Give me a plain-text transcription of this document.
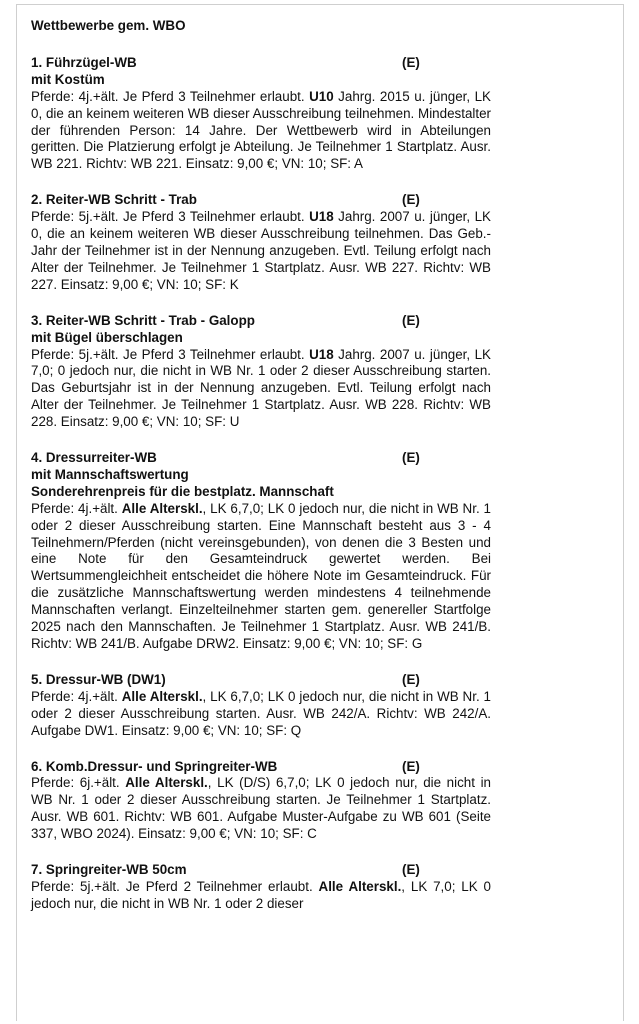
Wettbewerbe gem. WBO
1. Führzügel-WB	(E)
mit Kostüm

Pferde: 4j.+ält. Je Pferd 3 Teilnehmer erlaubt. U10 Jahrg. 2015 u. jünger, LK 0, die an keinem weiteren WB dieser Ausschreibung teilnehmen. Mindestalter der führenden Person: 14 Jahre. Der Wettbewerb wird in Abteilungen geritten. Die Platzierung erfolgt je Abteilung. Je Teilnehmer 1 Startplatz. Ausr. WB 221. Richtv: WB 221. Einsatz: 9,00 €; VN: 10; SF: A

2. Reiter-WB Schritt - Trab	(E)

Pferde: 5j.+ält. Je Pferd 3 Teilnehmer erlaubt. U18 Jahrg. 2007 u. jünger, LK 0, die an keinem weiteren WB dieser Ausschreibung teilnehmen. Das Geb.-Jahr der Teilnehmer ist in der Nennung anzugeben. Evtl. Teilung erfolgt nach Alter der Teilnehmer. Je Teilnehmer 1 Startplatz. Ausr. WB 227. Richtv: WB 227. Einsatz: 9,00 €; VN: 10; SF: K

3. Reiter-WB Schritt - Trab - Galopp	(E)
mit Bügel überschlagen

Pferde: 5j.+ält. Je Pferd 3 Teilnehmer erlaubt. U18 Jahrg. 2007 u. jünger, LK 7,0; 0 jedoch nur, die nicht in WB Nr. 1 oder 2 dieser Ausschreibung starten. Das Geburtsjahr ist in der Nennung anzugeben. Evtl. Teilung erfolgt nach Alter der Teilnehmer. Je Teilnehmer 1 Startplatz. Ausr. WB 228. Richtv: WB 228. Einsatz: 9,00 €; VN: 10; SF: U

4. Dressurreiter-WB	(E)
mit Mannschaftswertung
Sonderehrenpreis für die bestplatz. Mannschaft

Pferde: 4j.+ält. Alle Alterskl., LK 6,7,0; LK 0 jedoch nur, die nicht in WB Nr. 1 oder 2 dieser Ausschreibung starten. Eine Mannschaft besteht aus 3 - 4 Teilnehmern/Pferden (nicht vereinsgebunden), von denen die 3 Besten und eine Note für den Gesamteindruck gewertet werden. Bei Wertsummengleichheit entscheidet die höhere Note im Gesamteindruck. Für die zusätzliche Mannschaftswertung werden mindestens 4 teilnehmende Mannschaften verlangt. Einzelteilnehmer starten gem. genereller Startfolge 2025 nach den Mannschaften. Je Teilnehmer 1 Startplatz. Ausr. WB 241/B. Richtv: WB 241/B. Aufgabe DRW2. Einsatz: 9,00 €; VN: 10; SF: G

5. Dressur-WB (DW1)	(E)

Pferde: 4j.+ält. Alle Alterskl., LK 6,7,0; LK 0 jedoch nur, die nicht in WB Nr. 1 oder 2 dieser Ausschreibung starten. Ausr. WB 242/A. Richtv: WB 242/A. Aufgabe DW1. Einsatz: 9,00 €; VN: 10; SF: Q

6. Komb.Dressur- und Springreiter-WB	(E)

Pferde: 6j.+ält. Alle Alterskl., LK (D/S) 6,7,0; LK 0 jedoch nur, die nicht in WB Nr. 1 oder 2 dieser Ausschreibung starten. Je Teilnehmer 1 Startplatz. Ausr. WB 601. Richtv: WB 601. Aufgabe Muster-Aufgabe zu WB 601 (Seite 337, WBO 2024). Einsatz: 9,00 €; VN: 10; SF: C

7. Springreiter-WB 50cm	(E)

Pferde: 5j.+ält. Je Pferd 2 Teilnehmer erlaubt. Alle Alterskl., LK 7,0; LK 0 jedoch nur, die nicht in WB Nr. 1 oder 2 dieser
